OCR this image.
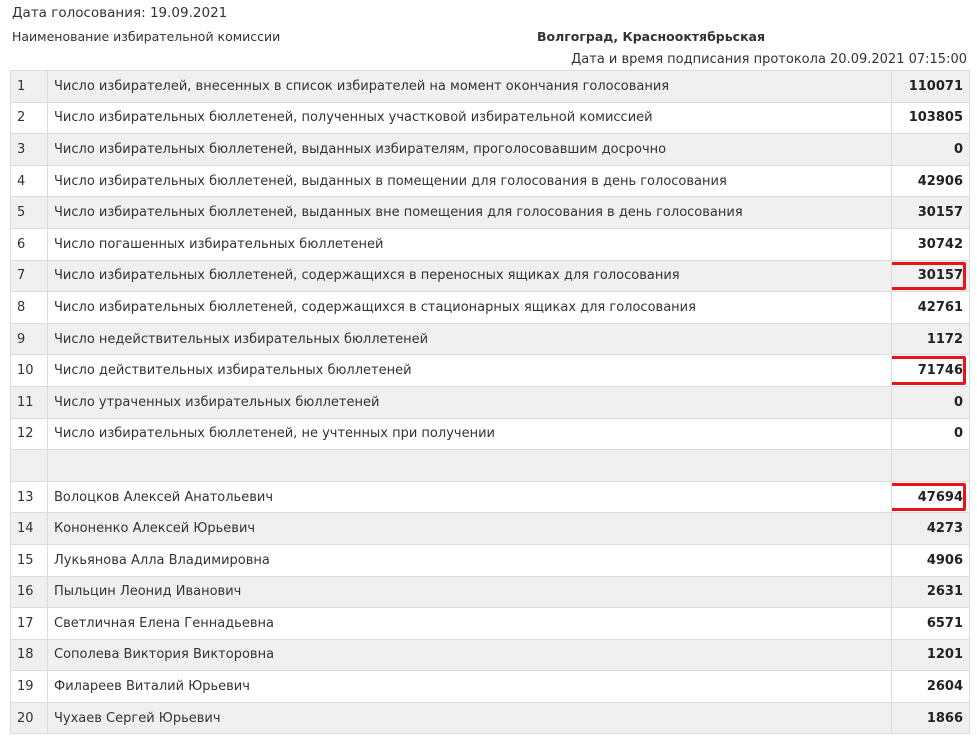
Дата голосования: 19.09.2021
Наименование избирательной комиссии	Волгоград, Краснооктябрьская
Дата и время подписания протокола 20.09.2021 07:15:00
1	Число избирателей, внесенных в список избирателей на момент окончания голосования	110071
2	Число избирательных бюллетеней, полученных участковой избирательной комиссией	103805
3	Число избирательных бюллетеней, выданных избирателям, проголосовавшим досрочно	0
4	Число избирательных бюллетеней, выданных в помещении для голосования в день голосования	42906
5	Число избирательных бюллетеней, выданных вне помещения для голосования в день голосования	30157
6	Число погашенных избирательных бюллетеней	30742
7	Число избирательных бюллетеней, содержащихся в переносных ящиках для голосования	30157
8	Число избирательных бюллетеней, содержащихся в стационарных ящиках для голосования	42761
9	Число недействительных избирательных бюллетеней	1172
10	Число действительных избирательных бюллетеней	71746
11	Число утраченных избирательных бюллетеней	0
12	Число избирательных бюллетеней, не учтенных при получении	0

13	Волоцков Алексей Анатольевич	47694
14	Кононенко Алексей Юрьевич	4273
15	Лукьянова Алла Владимировна	4906
16	Пыльцин Леонид Иванович	2631
17	Светличная Елена Геннадьевна	6571
18	Сополева Виктория Викторовна	1201
19	Филареев Виталий Юрьевич	2604
20	Чухаев Сергей Юрьевич	1866
